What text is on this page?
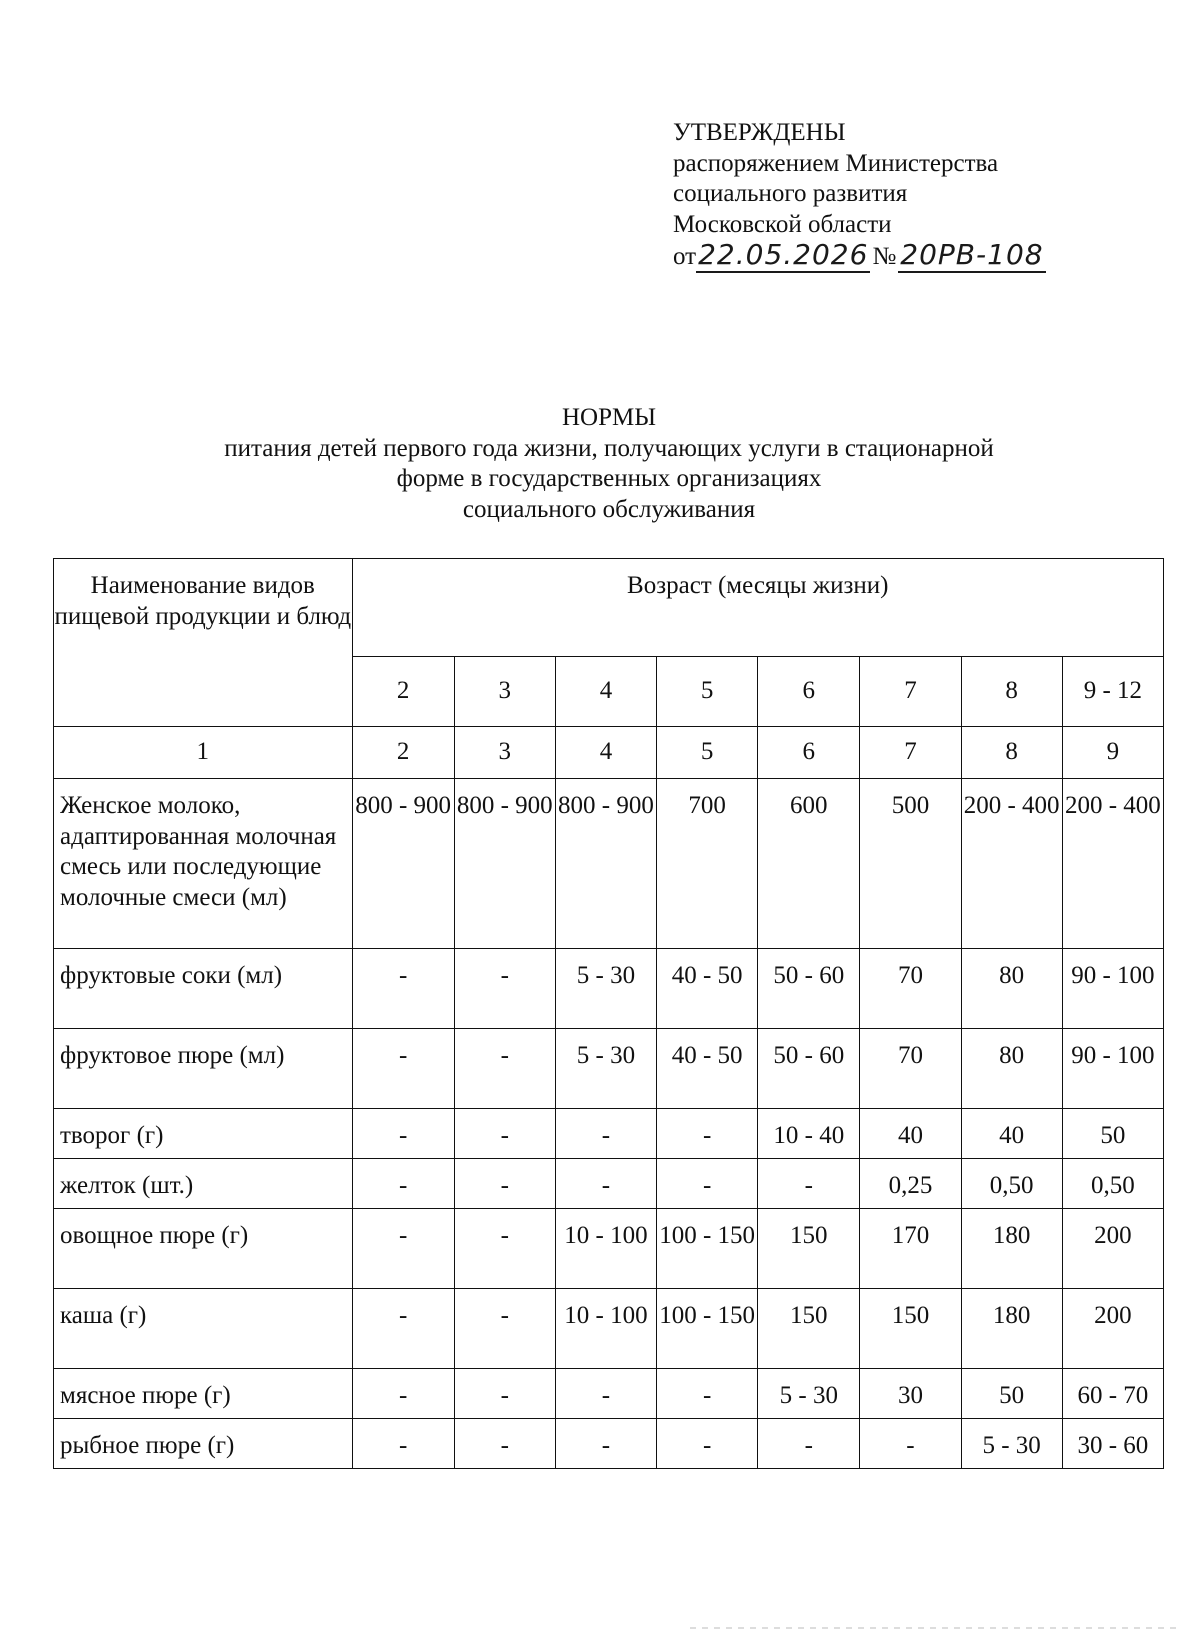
УТВЕРЖДЕНЫ
распоряжением Министерства
социального развития
Московской области
от22.05.2026 № 20РВ-108
НОРМЫ
питания детей первого года жизни, получающих услуги в стационарной
форме в государственных организациях
социального обслуживания
Наименование видов пищевой продукции и блюд	Возраст (месяцы жизни)							
	2	3	4	5	6	7	8	9 - 12
1	2	3	4	5	6	7	8	9
Женское молоко, адаптированная молочная смесь или последующие молочные смеси (мл)	800 - 900	800 - 900	800 - 900	700	600	500	200 - 400	200 - 400
фруктовые соки (мл)	-	-	5 - 30	40 - 50	50 - 60	70	80	90 - 100
фруктовое пюре (мл)	-	-	5 - 30	40 - 50	50 - 60	70	80	90 - 100
творог (г)	-	-	-	-	10 - 40	40	40	50
желток (шт.)	-	-	-	-	-	0,25	0,50	0,50
овощное пюре (г)	-	-	10 - 100	100 - 150	150	170	180	200
каша (г)	-	-	10 - 100	100 - 150	150	150	180	200
мясное пюре (г)	-	-	-	-	5 - 30	30	50	60 - 70
рыбное пюре (г)	-	-	-	-	-	-	5 - 30	30 - 60
